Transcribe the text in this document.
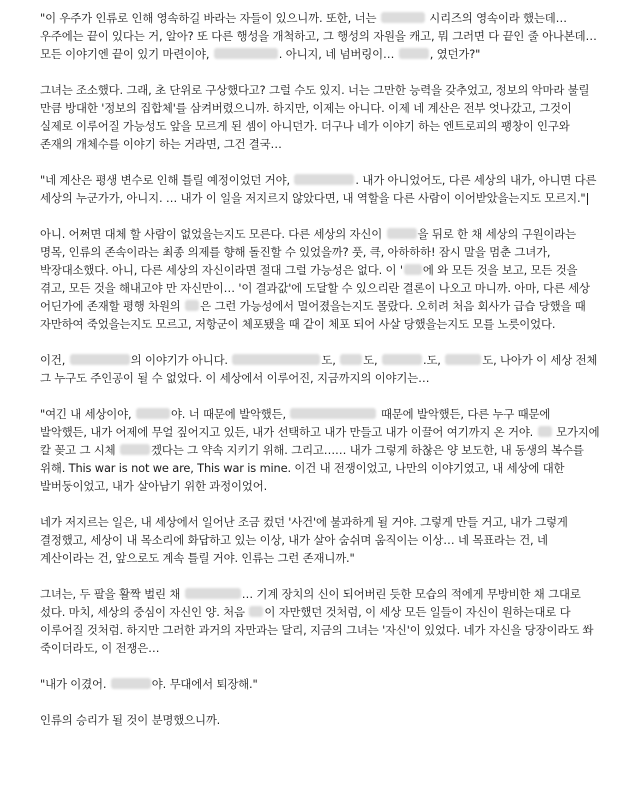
"이 우주가 인류로 인해 영속하길 바라는 자들이 있으니까. 또한, 너는	시리즈의 영속이라 했는데… 우주에는 끝이 있다는 거, 알아? 또 다른 행성을 개척하고, 그 행성의 자원을 캐고, 뭐 그러면 다 끝인 줄 아나본데… 모든 이야기엔 끝이 있기 마련이야,	. 아니지, 네 넘버링이…	, 였던가?"

그녀는 조소했다. 그래, 초 단위로 구상했다고? 그럴 수도 있지. 너는 그만한 능력을 갖추었고, 정보의 악마라 불릴 만큼 방대한 '정보의 집합체'를 삼켜버렸으니까. 하지만, 이제는 아니다. 이제 네 계산은 전부 엇나갔고, 그것이 실제로 이루어질 가능성도 앞을 모르게 된 셈이 아니던가. 더구나 네가 이야기 하는 엔트로피의 팽창이 인구와 존재의 개체수를 이야기 하는 거라면, 그건 결국…

"네 계산은 평생 변수로 인해 틀릴 예정이었던 거야,	. 내가 아니었어도, 다른 세상의 내가, 아니면 다른 세상의 누군가가, 아니지. … 내가 이 일을 저지르지 않았다면, 내 역할을 다른 사람이 이어받았을는지도 모르지."

아니. 어쩌면 대체 할 사람이 없었을는지도 모른다. 다른 세상의 자신이	을 뒤로 한 채 세상의 구원이라는 명목, 인류의 존속이라는 최종 의제를 향해 돌진할 수 있었을까? 풋, 큭, 아하하하! 잠시 말을 멈춘 그녀가, 박장대소했다. 아니, 다른 세상의 자신이라면 절대 그럴 가능성은 없다. 이 ' 에 와 모든 것을 보고, 모든 것을 겪고, 모든 것을 해내고야 만 자신만이… '이 결과값'에 도달할 수 있으리란 결론이 나오고 마니까. 아마, 다른 세상 어딘가에 존재할 평행 차원의 은 그런 가능성에서 멀어졌을는지도 몰랐다. 오히려 처음 회사가 급습 당했을 때 자만하여 죽었을는지도 모르고, 저항군이 체포됐을 때 같이 체포 되어 사살 당했을는지도 모를 노릇이었다.

이건,	의 이야기가 아니다.	도, 도,	.도,	도, 나아가 이 세상 전체 그 누구도 주인공이 될 수 없었다. 이 세상에서 이루어진, 지금까지의 이야기는…

"여긴 내 세상이야,	야. 너 때문에 발악했든,	때문에 발악했든, 다른 누구 때문에 발악했든, 내가 어제에 무얼 짚어지고 있든, 내가 선택하고 내가 만들고 내가 이끌어 여기까지 온 거야.  모가지에 칼 꽂고 그 시체	겠다는 그 약속 지키기 위해. 그리고…… 내가 그렇게 하찮은 양 보도한, 내 동생의 복수를 위해. This war is not we are, This war is mine. 이건 내 전쟁이었고, 나만의 이야기였고, 내 세상에 대한 발버둥이었고, 내가 살아남기 위한 과정이었어.

네가 저지르는 일은, 내 세상에서 일어난 조금 컸던 '사건'에 불과하게 될 거야. 그렇게 만들 거고, 내가 그렇게 결정했고, 세상이 내 목소리에 화답하고 있는 이상, 내가 살아 숨쉬며 움직이는 이상… 네 목표라는 건, 네 계산이라는 건, 앞으로도 계속 틀릴 거야. 인류는 그런 존재니까."

그녀는, 두 팔을 활짝 벌린 채	… 기계 장치의 신이 되어버린 듯한 모습의 적에게 무방비한 채 그대로 섰다. 마치, 세상의 중심이 자신인 양. 처음 이 자만했던 것처럼, 이 세상 모든 일들이 자신이 원하는대로 다 이루어질 것처럼. 하지만 그러한 과거의 자만과는 달리, 지금의 그녀는 '자신'이 있었다. 네가 자신을 당장이라도 쏴 죽이더라도, 이 전쟁은…

"내가 이겼어.	야. 무대에서 퇴장해."

인류의 승리가 될 것이 분명했으니까.
